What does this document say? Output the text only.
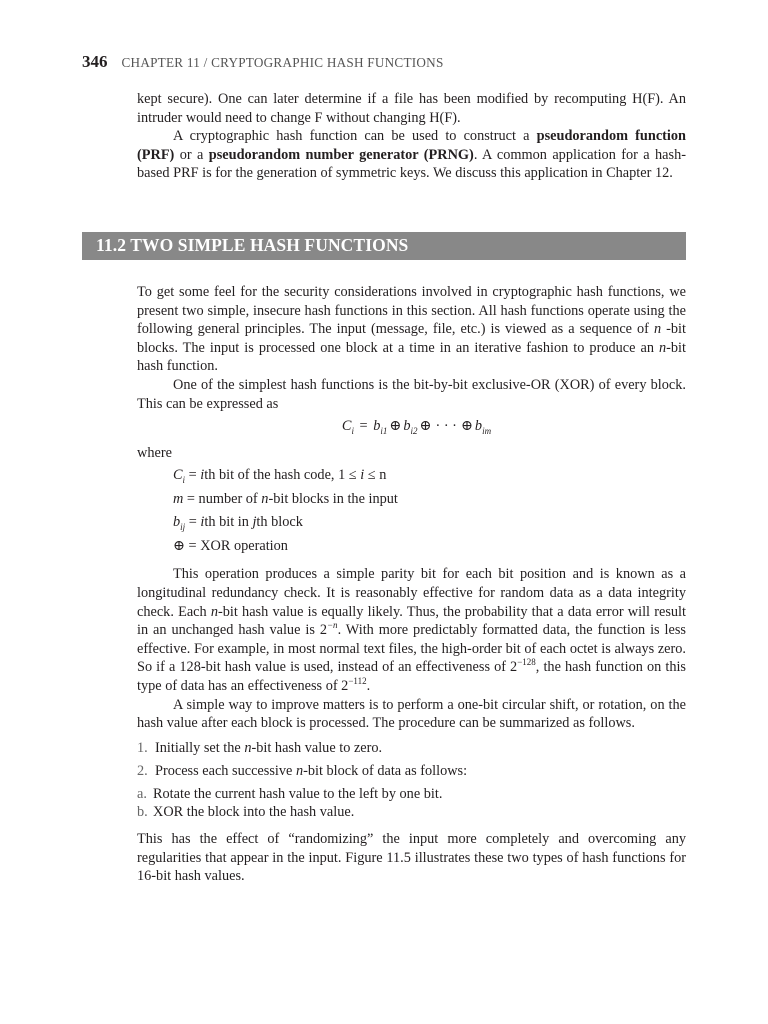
346 CHAPTER 11 / CRYPTOGRAPHIC HASH FUNCTIONS

kept secure). One can later determine if a file has been modified by recomputing H(F). An intruder would need to change F without changing H(F).

A cryptographic hash function can be used to construct a pseudorandom function (PRF) or a pseudorandom number generator (PRNG). A common application for a hash-based PRF is for the generation of symmetric keys. We discuss this application in Chapter 12.

11.2 TWO SIMPLE HASH FUNCTIONS

To get some feel for the security considerations involved in cryptographic hash functions, we present two simple, insecure hash functions in this section. All hash functions operate using the following general principles. The input (message, file, etc.) is viewed as a sequence of n -bit blocks. The input is processed one block at a time in an iterative fashion to produce an n-bit hash function.

One of the simplest hash functions is the bit-by-bit exclusive-OR (XOR) of every block. This can be expressed as

$C_i = b_{i1}$ ⊕ $b_{i2}$ ⊕ · · · ⊕ $b_{im}$

where

$C_i$ = ith bit of the hash code, 1 ≤ i ≤ n
m = number of n-bit blocks in the input
$b_{ij}$ = ith bit in jth block
⊕ = XOR operation

This operation produces a simple parity bit for each bit position and is known as a longitudinal redundancy check. It is reasonably effective for random data as a data integrity check. Each n-bit hash value is equally likely. Thus, the probability that a data error will result in an unchanged hash value is $2^{-n}$. With more predictably formatted data, the function is less effective. For example, in most normal text files, the high-order bit of each octet is always zero. So if a 128-bit hash value is used, instead of an effectiveness of $2^{-128}$, the hash function on this type of data has an effectiveness of $2^{-112}$.

A simple way to improve matters is to perform a one-bit circular shift, or rotation, on the hash value after each block is processed. The procedure can be summarized as follows.

1. Initially set the n-bit hash value to zero.

2. Process each successive n-bit block of data as follows:

a. Rotate the current hash value to the left by one bit.

b. XOR the block into the hash value.

This has the effect of “randomizing” the input more completely and overcoming any regularities that appear in the input. Figure 11.5 illustrates these two types of hash functions for 16-bit hash values.
